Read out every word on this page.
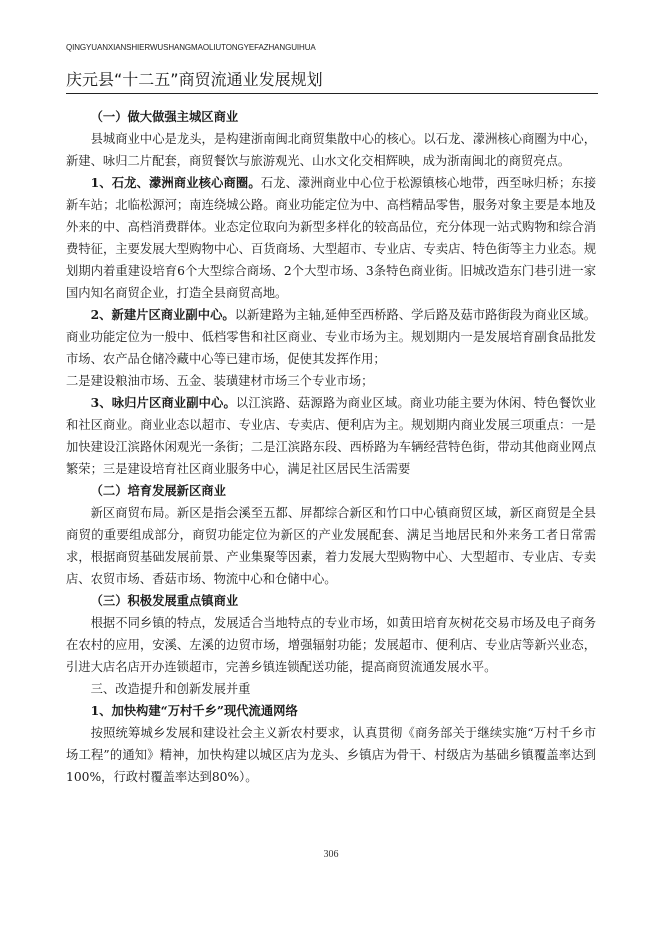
QINGYUANXIANSHIERWUSHANGMAOLIUTONGYEFAZHANGUIHUA
庆元县“十二五”商贸流通业发展规划

（一）做大做强主城区商业

县城商业中心是龙头，是构建浙南闽北商贸集散中心的核心。以石龙、濛洲核心商圈为中心，新建、咏归二片配套，商贸餐饮与旅游观光、山水文化交相辉映，成为浙南闽北的商贸亮点。

1、石龙、濛洲商业核心商圈。石龙、濛洲商业中心位于松源镇核心地带，西至咏归桥；东接新车站；北临松源河；南连绕城公路。商业功能定位为中、高档精品零售，服务对象主要是本地及外来的中、高档消费群体。业态定位取向为新型多样化的较高品位，充分体现一站式购物和综合消费特征，主要发展大型购物中心、百货商场、大型超市、专业店、专卖店、特色街等主力业态。规划期内着重建设培育6个大型综合商场、2个大型市场、3条特色商业街。旧城改造东门巷引进一家国内知名商贸企业，打造全县商贸高地。

2、新建片区商业副中心。以新建路为主轴,延伸至西桥路、学后路及菇市路街段为商业区域。商业功能定位为一般中、低档零售和社区商业、专业市场为主。规划期内一是发展培育副食品批发市场、农产品仓储冷藏中心等已建市场，促使其发挥作用；

二是建设粮油市场、五金、装璜建材市场三个专业市场；

3、咏归片区商业副中心。以江滨路、菇源路为商业区域。商业功能主要为休闲、特色餐饮业和社区商业。商业业态以超市、专业店、专卖店、便利店为主。规划期内商业发展三项重点：一是加快建设江滨路休闲观光一条街；二是江滨路东段、西桥路为车辆经营特色街，带动其他商业网点繁荣；三是建设培育社区商业服务中心，满足社区居民生活需要

（二）培育发展新区商业

新区商贸布局。新区是指会溪至五都、屏都综合新区和竹口中心镇商贸区域，新区商贸是全县商贸的重要组成部分，商贸功能定位为新区的产业发展配套、满足当地居民和外来务工者日常需求，根据商贸基础发展前景、产业集聚等因素，着力发展大型购物中心、大型超市、专业店、专卖店、农贸市场、香菇市场、物流中心和仓储中心。

（三）积极发展重点镇商业

根据不同乡镇的特点，发展适合当地特点的专业市场，如黄田培育灰树花交易市场及电子商务在农村的应用，安溪、左溪的边贸市场，增强辐射功能；发展超市、便利店、专业店等新兴业态，引进大店名店开办连锁超市，完善乡镇连锁配送功能，提高商贸流通发展水平。

三、改造提升和创新发展并重

1、加快构建“万村千乡”现代流通网络

按照统筹城乡发展和建设社会主义新农村要求，认真贯彻《商务部关于继续实施“万村千乡市场工程”的通知》精神，加快构建以城区店为龙头、乡镇店为骨干、村级店为基础乡镇覆盖率达到100%，行政村覆盖率达到80%）。

306
